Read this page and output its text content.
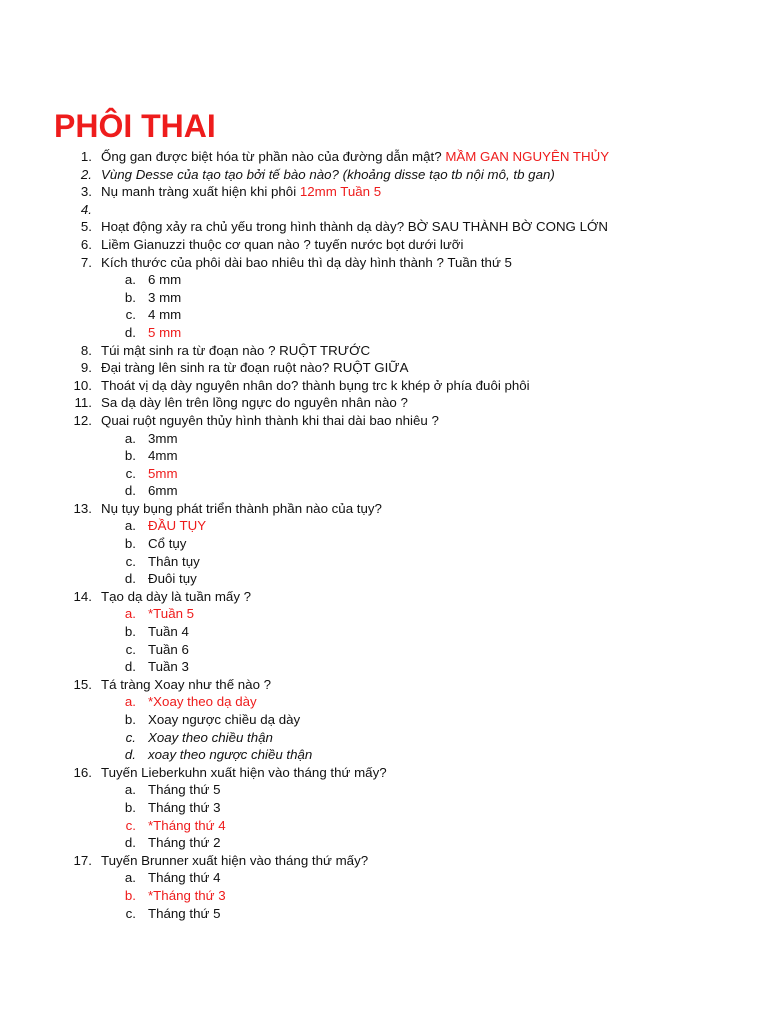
PHÔI THAI
1. Ống gan được biệt hóa từ phần nào của đường dẫn mật? MẦM GAN NGUYÊN THỦY
2. Vùng Desse của tạo tạo bởi tế bào nào? (khoảng disse tạo tb nội mô, tb gan)
3. Nụ manh tràng xuất hiện khi phôi 12mm Tuần 5
4.
5. Hoạt động xảy ra chủ yếu trong hình thành dạ dày? BỜ SAU THÀNH BỜ CONG LỚN
6. Liềm Gianuzzi thuộc cơ quan nào ? tuyến nước bọt dưới lưỡi
7. Kích thước của phôi dài bao nhiêu thì dạ dày hình thành ? Tuần thứ 5
a. 6 mm
b. 3 mm
c. 4 mm
d. 5 mm
8. Túi mật sinh ra từ đoạn nào ? RUỘT TRƯỚC
9. Đại tràng lên sinh ra từ đoạn ruột nào? RUỘT GIỮA
10. Thoát vị dạ dày nguyên nhân do? thành bụng trc k khép ở phía đuôi phôi
11. Sa dạ dày lên trên lồng ngực do nguyên nhân nào ?
12. Quai ruột nguyên thủy hình thành khi thai dài bao nhiêu ?
a. 3mm
b. 4mm
c. 5mm
d. 6mm
13. Nụ tụy bụng phát triển thành phần nào của tụy?
a. ĐẦU TỤY
b. Cổ tụy
c. Thân tụy
d. Đuôi tụy
14. Tạo dạ dày là tuần mấy ?
a. *Tuần 5
b. Tuần 4
c. Tuần 6
d. Tuần 3
15. Tá tràng Xoay như thế nào ?
a. *Xoay theo dạ dày
b. Xoay ngược chiều dạ dày
c. Xoay theo chiều thận
d. xoay theo ngược chiều thận
16. Tuyến Lieberkuhn xuất hiện vào tháng thứ mấy?
a. Tháng thứ 5
b. Tháng thứ 3
c. *Tháng thứ 4
d. Tháng thứ 2
17. Tuyến Brunner xuất hiện vào tháng thứ mấy?
a. Tháng thứ 4
b. *Tháng thứ 3
c. Tháng thứ 5
